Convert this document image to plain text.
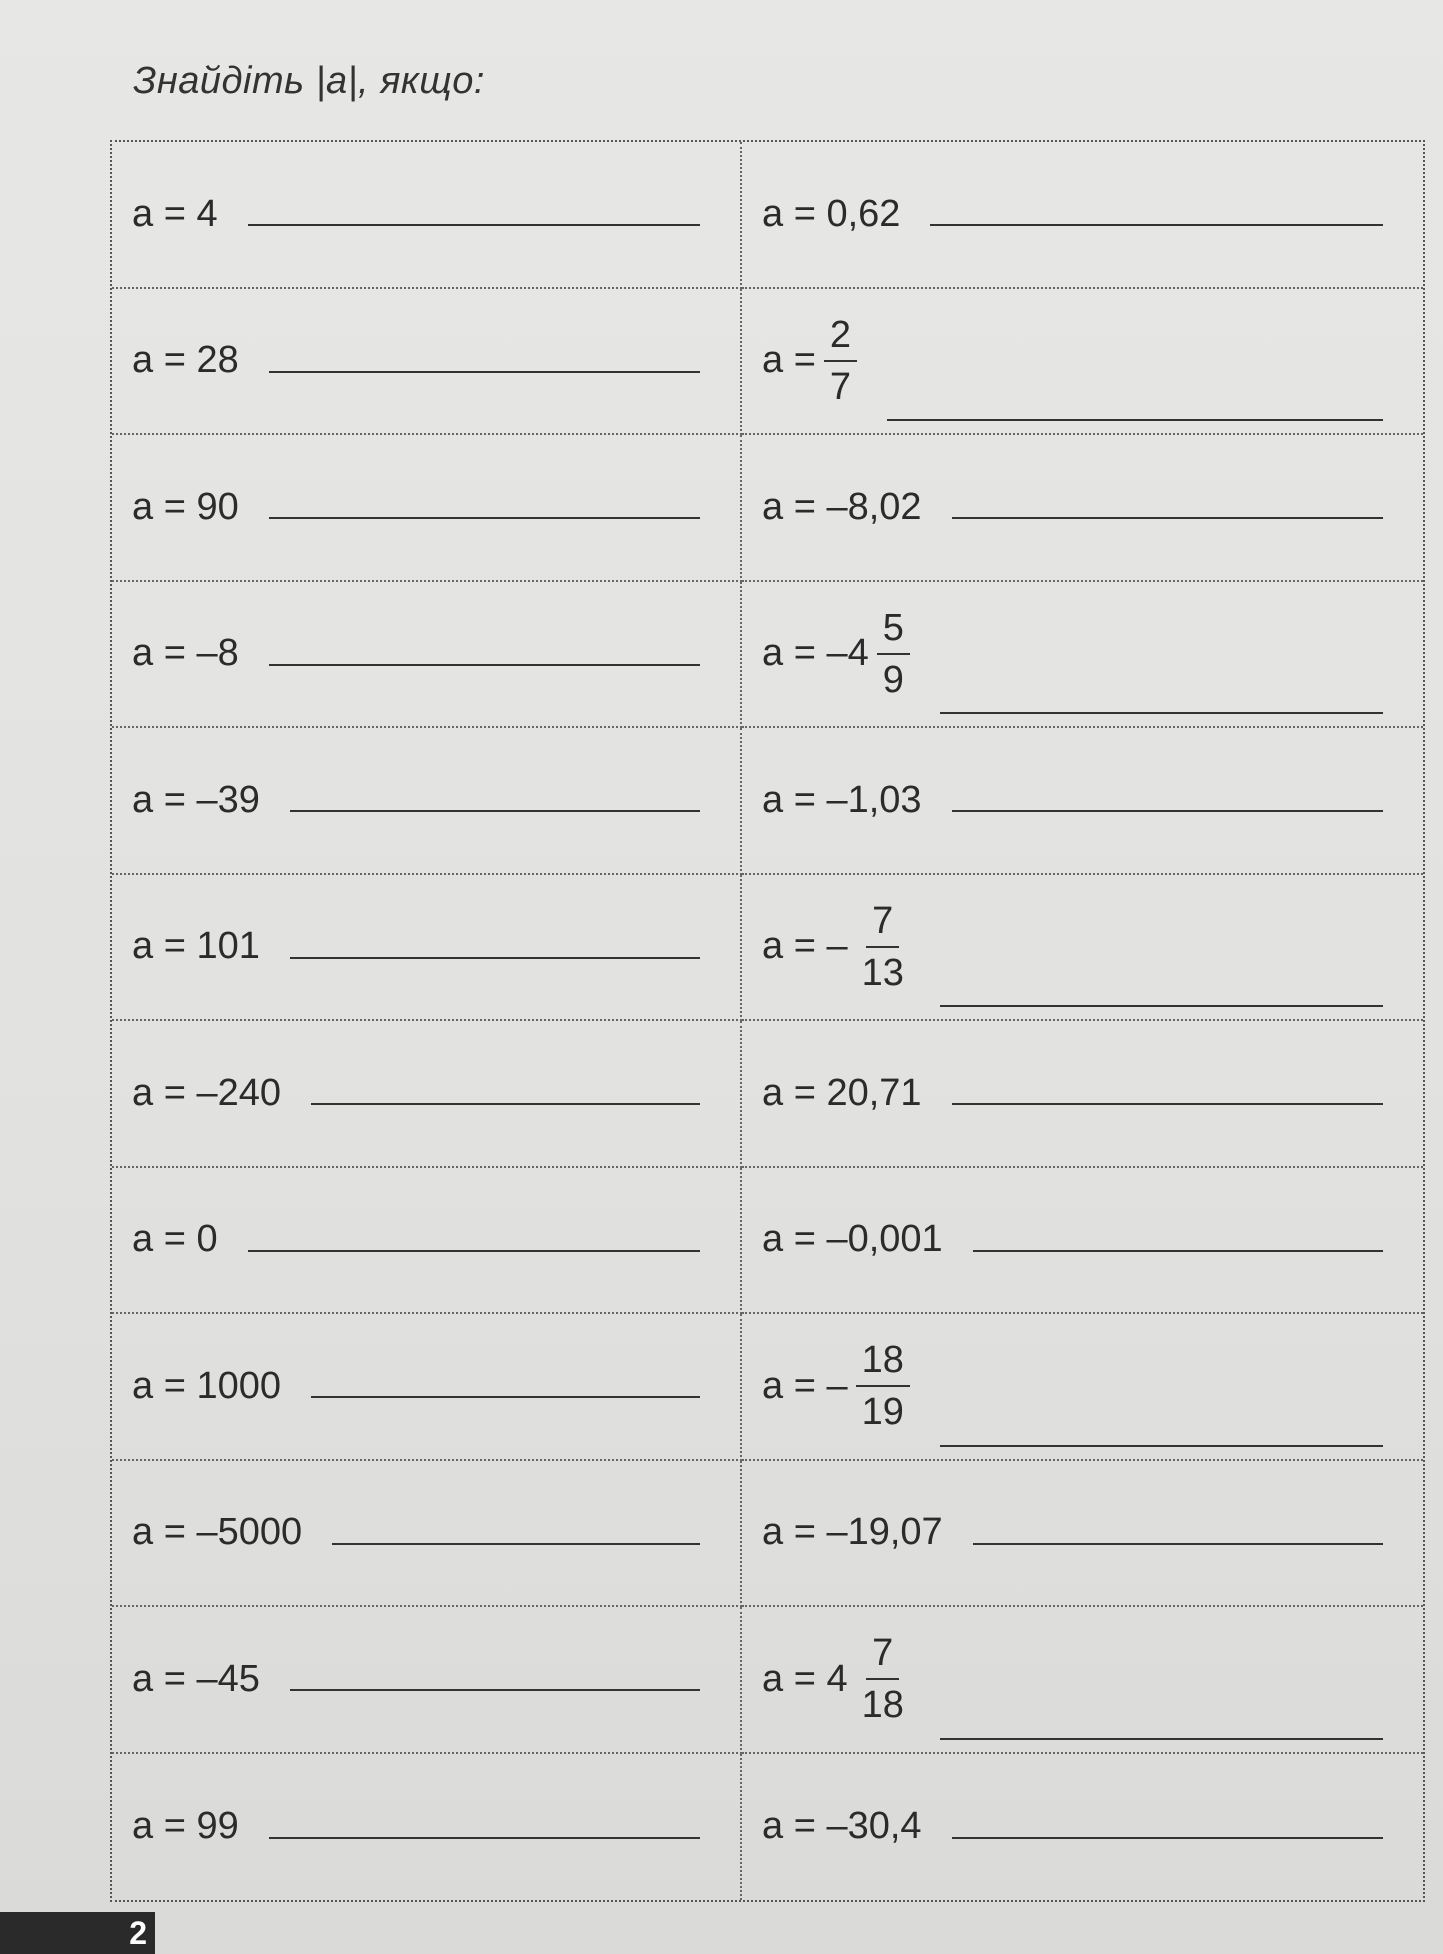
Знайдіть |a|, якщо:
a = 4	a = 0,62
a = 28	$a = \frac{2}{7}$
a = 90	a = –8,02
a = –8	$a = -4 \frac{5}{9}$
a = –39	a = –1,03
a = 101	a = – $\frac{7}{13}$
a = –240	a = 20,71
a = 0	a = –0,001
a = 1000	a = – $\frac{18}{19}$
a = –5000	a = –19,07
a = –45	$a = 4 \frac{7}{18}$
a = 99	a = –30,4
2
